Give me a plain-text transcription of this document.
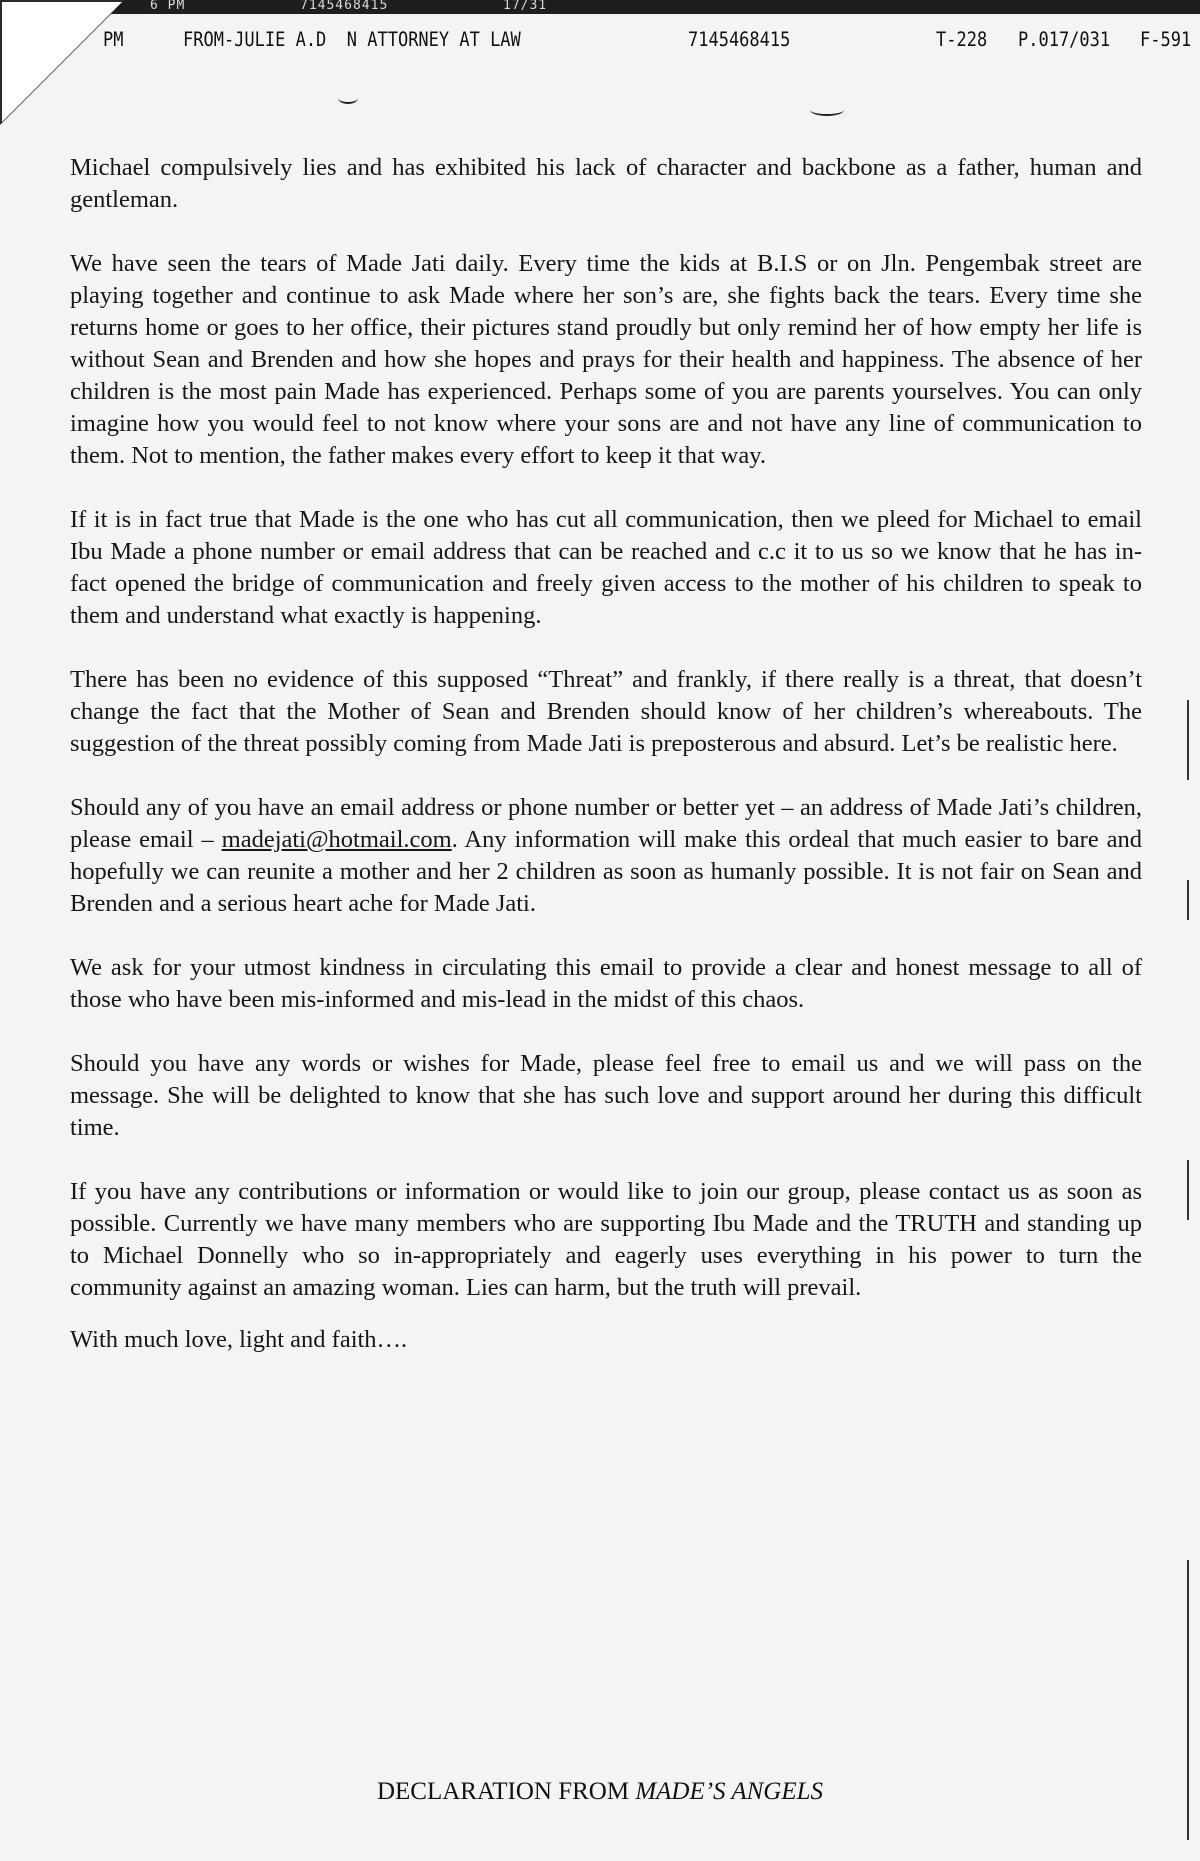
6 PM	7145468415	17/31
PM	FROM-JULIE A.D N ATTORNEY AT LAW	7145468415	T-228 P.017/031 F-591

Michael compulsively lies and has exhibited his lack of character and backbone as a father, human and gentleman.

We have seen the tears of Made Jati daily. Every time the kids at B.I.S or on Jln. Pengembak street are playing together and continue to ask Made where her son’s are, she fights back the tears. Every time she returns home or goes to her office, their pictures stand proudly but only remind her of how empty her life is without Sean and Brenden and how she hopes and prays for their health and happiness. The absence of her children is the most pain Made has experienced. Perhaps some of you are parents yourselves. You can only imagine how you would feel to not know where your sons are and not have any line of communication to them. Not to mention, the father makes every effort to keep it that way.

If it is in fact true that Made is the one who has cut all communication, then we pleed for Michael to email Ibu Made a phone number or email address that can be reached and c.c it to us so we know that he has in-fact opened the bridge of communication and freely given access to the mother of his children to speak to them and understand what exactly is happening.

There has been no evidence of this supposed “Threat” and frankly, if there really is a threat, that doesn’t change the fact that the Mother of Sean and Brenden should know of her children’s whereabouts. The suggestion of the threat possibly coming from Made Jati is preposterous and absurd. Let’s be realistic here.

Should any of you have an email address or phone number or better yet – an address of Made Jati’s children, please email – madejati@hotmail.com. Any information will make this ordeal that much easier to bare and hopefully we can reunite a mother and her 2 children as soon as humanly possible. It is not fair on Sean and Brenden and a serious heart ache for Made Jati.

We ask for your utmost kindness in circulating this email to provide a clear and honest message to all of those who have been mis-informed and mis-lead in the midst of this chaos.

Should you have any words or wishes for Made, please feel free to email us and we will pass on the message. She will be delighted to know that she has such love and support around her during this difficult time.

If you have any contributions or information or would like to join our group, please contact us as soon as possible. Currently we have many members who are supporting Ibu Made and the TRUTH and standing up to Michael Donnelly who so in-appropriately and eagerly uses everything in his power to turn the community against an amazing woman. Lies can harm, but the truth will prevail.

With much love, light and faith….

DECLARATION FROM MADE’S ANGELS
